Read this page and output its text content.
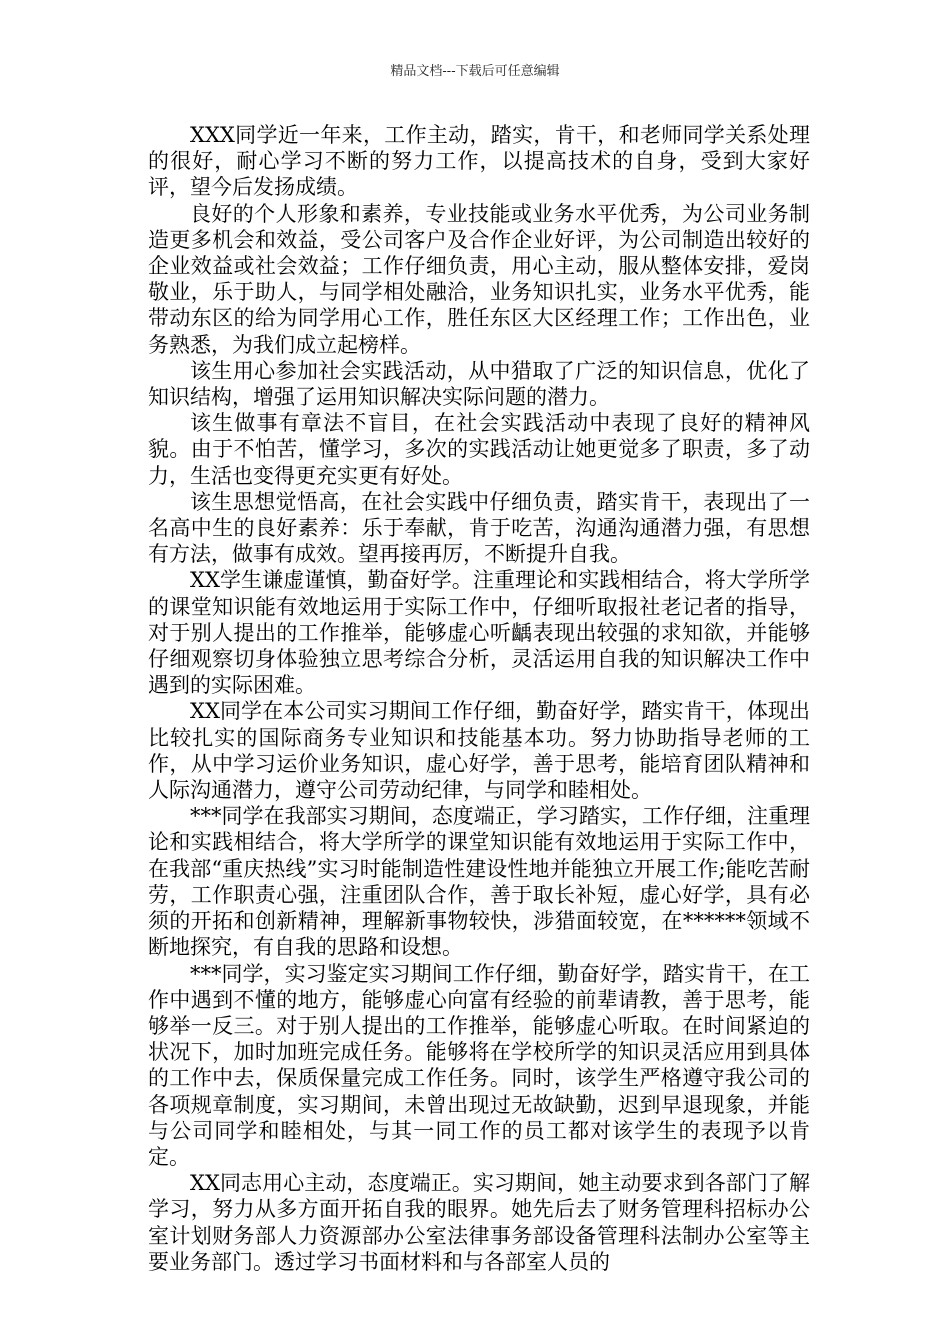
精品文档---下载后可任意编辑

XXX同学近一年来，工作主动，踏实，肯干，和老师同学关系处理的很好，耐心学习不断的努力工作，以提高技术的自身，受到大家好评，望今后发扬成绩。

良好的个人形象和素养，专业技能或业务水平优秀，为公司业务制造更多机会和效益，受公司客户及合作企业好评，为公司制造出较好的企业效益或社会效益；工作仔细负责，用心主动，服从整体安排，爱岗敬业，乐于助人，与同学相处融洽，业务知识扎实，业务水平优秀，能带动东区的给为同学用心工作，胜任东区大区经理工作；工作出色，业务熟悉，为我们成立起榜样。

该生用心参加社会实践活动，从中猎取了广泛的知识信息，优化了知识结构，增强了运用知识解决实际问题的潜力。

该生做事有章法不盲目，在社会实践活动中表现了良好的精神风貌。由于不怕苦，懂学习，多次的实践活动让她更觉多了职责，多了动力，生活也变得更充实更有好处。

该生思想觉悟高，在社会实践中仔细负责，踏实肯干，表现出了一名高中生的良好素养：乐于奉献，肯于吃苦，沟通沟通潜力强，有思想有方法，做事有成效。望再接再厉，不断提升自我。

XX学生谦虚谨慎，勤奋好学。注重理论和实践相结合，将大学所学的课堂知识能有效地运用于实际工作中，仔细听取报社老记者的指导，对于别人提出的工作推举，能够虚心听齲表现出较强的求知欲，并能够仔细观察切身体验独立思考综合分析，灵活运用自我的知识解决工作中遇到的实际困难。

XX同学在本公司实习期间工作仔细，勤奋好学，踏实肯干，体现出比较扎实的国际商务专业知识和技能基本功。努力协助指导老师的工作，从中学习运价业务知识，虚心好学，善于思考，能培育团队精神和人际沟通潜力，遵守公司劳动纪律，与同学和睦相处。

***同学在我部实习期间，态度端正，学习踏实，工作仔细，注重理论和实践相结合，将大学所学的课堂知识能有效地运用于实际工作中，在我部“重庆热线”实习时能制造性建设性地并能独立开展工作;能吃苦耐劳，工作职责心强，注重团队合作，善于取长补短，虚心好学，具有必须的开拓和创新精神，理解新事物较快，涉猎面较宽，在******领域不断地探究，有自我的思路和设想。

***同学，实习鉴定实习期间工作仔细，勤奋好学，踏实肯干，在工作中遇到不懂的地方，能够虚心向富有经验的前辈请教，善于思考，能够举一反三。对于别人提出的工作推举，能够虚心听取。在时间紧迫的状况下，加时加班完成任务。能够将在学校所学的知识灵活应用到具体的工作中去，保质保量完成工作任务。同时，该学生严格遵守我公司的各项规章制度，实习期间，未曾出现过无故缺勤，迟到早退现象，并能与公司同学和睦相处，与其一同工作的员工都对该学生的表现予以肯定。

XX同志用心主动，态度端正。实习期间，她主动要求到各部门了解学习，努力从多方面开拓自我的眼界。她先后去了财务管理科招标办公室计划财务部人力资源部办公室法律事务部设备管理科法制办公室等主要业务部门。透过学习书面材料和与各部室人员的
